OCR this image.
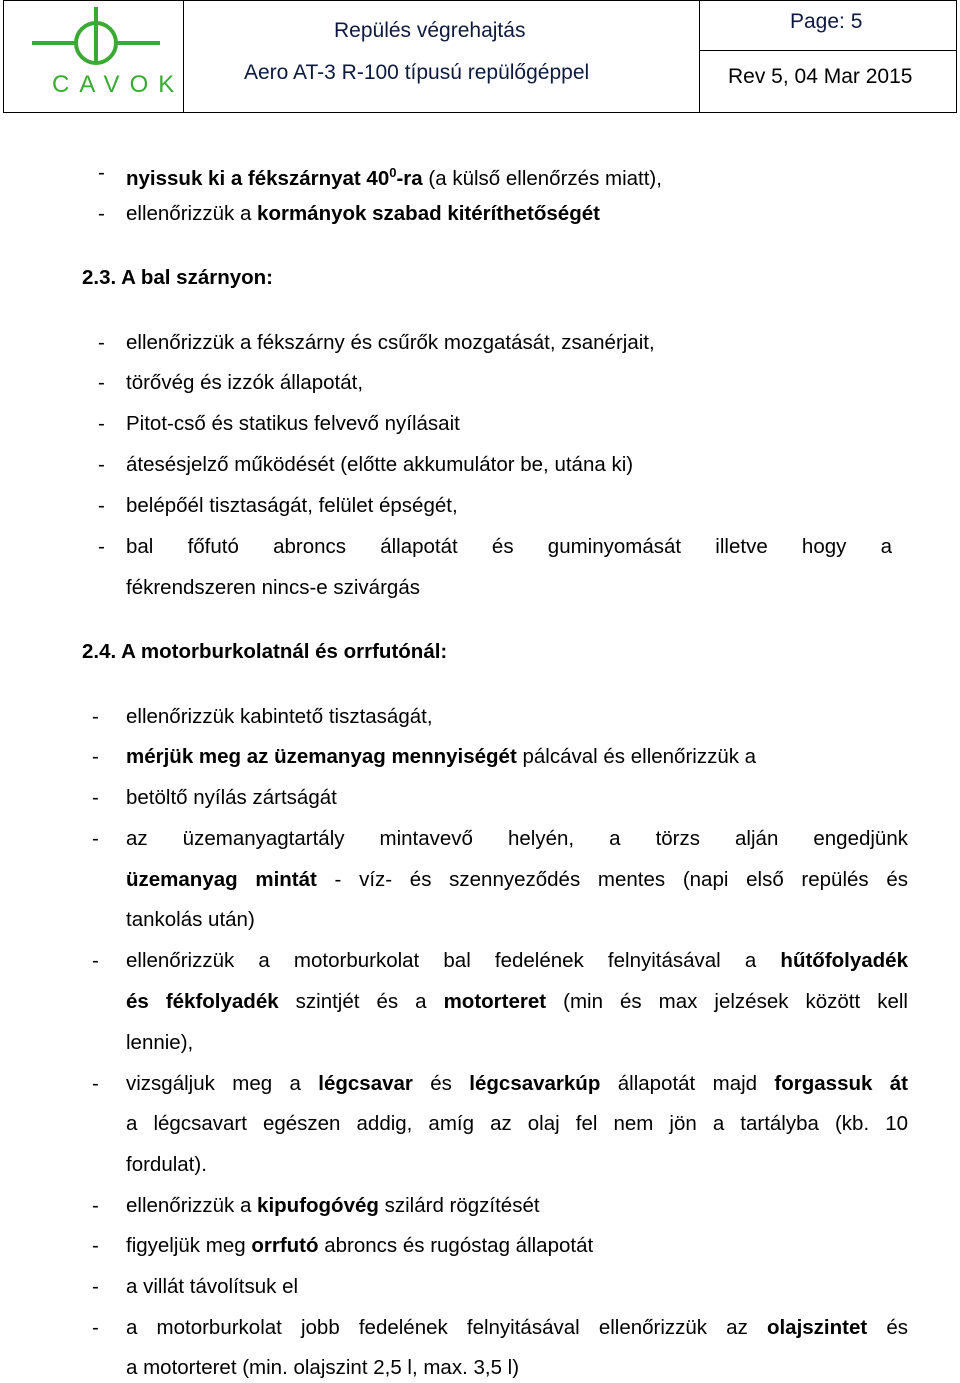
CAVOK
Repülés végrehajtás
Aero AT-3 R-100 típusú repülőgéppel
Page: 5
Rev 5, 04 Mar 2015
- nyissuk ki a fékszárnyat $40^0-ra$ (a külső ellenőrzés miatt),
- ellenőrizzük a kormányok szabad kitéríthetőségét
2.3. A bal szárnyon:
- ellenőrizzük a fékszárny és csűrők mozgatását, zsanérjait,
- törővég és izzók állapotát,
- Pitot-cső és statikus felvevő nyílásait
- átesésjelző működését (előtte akkumulátor be, utána ki)
- belépőél tisztaságát, felület épségét,
- bal főfutó abroncs állapotát és guminyomását illetve hogy a
fékrendszeren nincs-e szivárgás
2.4. A motorburkolatnál és orrfutónál:
- ellenőrizzük kabintető tisztaságát,
- mérjük meg az üzemanyag mennyiségét pálcával és ellenőrizzük a
- betöltő nyílás zártságát
- az üzemanyagtartály mintavevő helyén, a törzs alján engedjünk
üzemanyag mintát - víz- és szennyeződés mentes (napi első repülés és
tankolás után)
- ellenőrizzük a motorburkolat bal fedelének felnyitásával a hűtőfolyadék
és fékfolyadék szintjét és a motorteret (min és max jelzések között kell
lennie),
- vizsgáljuk meg a légcsavar és légcsavarkúp állapotát majd forgassuk át
a légcsavart egészen addig, amíg az olaj fel nem jön a tartályba (kb. 10
fordulat).
- ellenőrizzük a kipufogóvég szilárd rögzítését
- figyeljük meg orrfutó abroncs és rugóstag állapotát
- a villát távolítsuk el
- a motorburkolat jobb fedelének felnyitásával ellenőrizzük az olajszintet és
a motorteret (min. olajszint 2,5 l, max. 3,5 l)
